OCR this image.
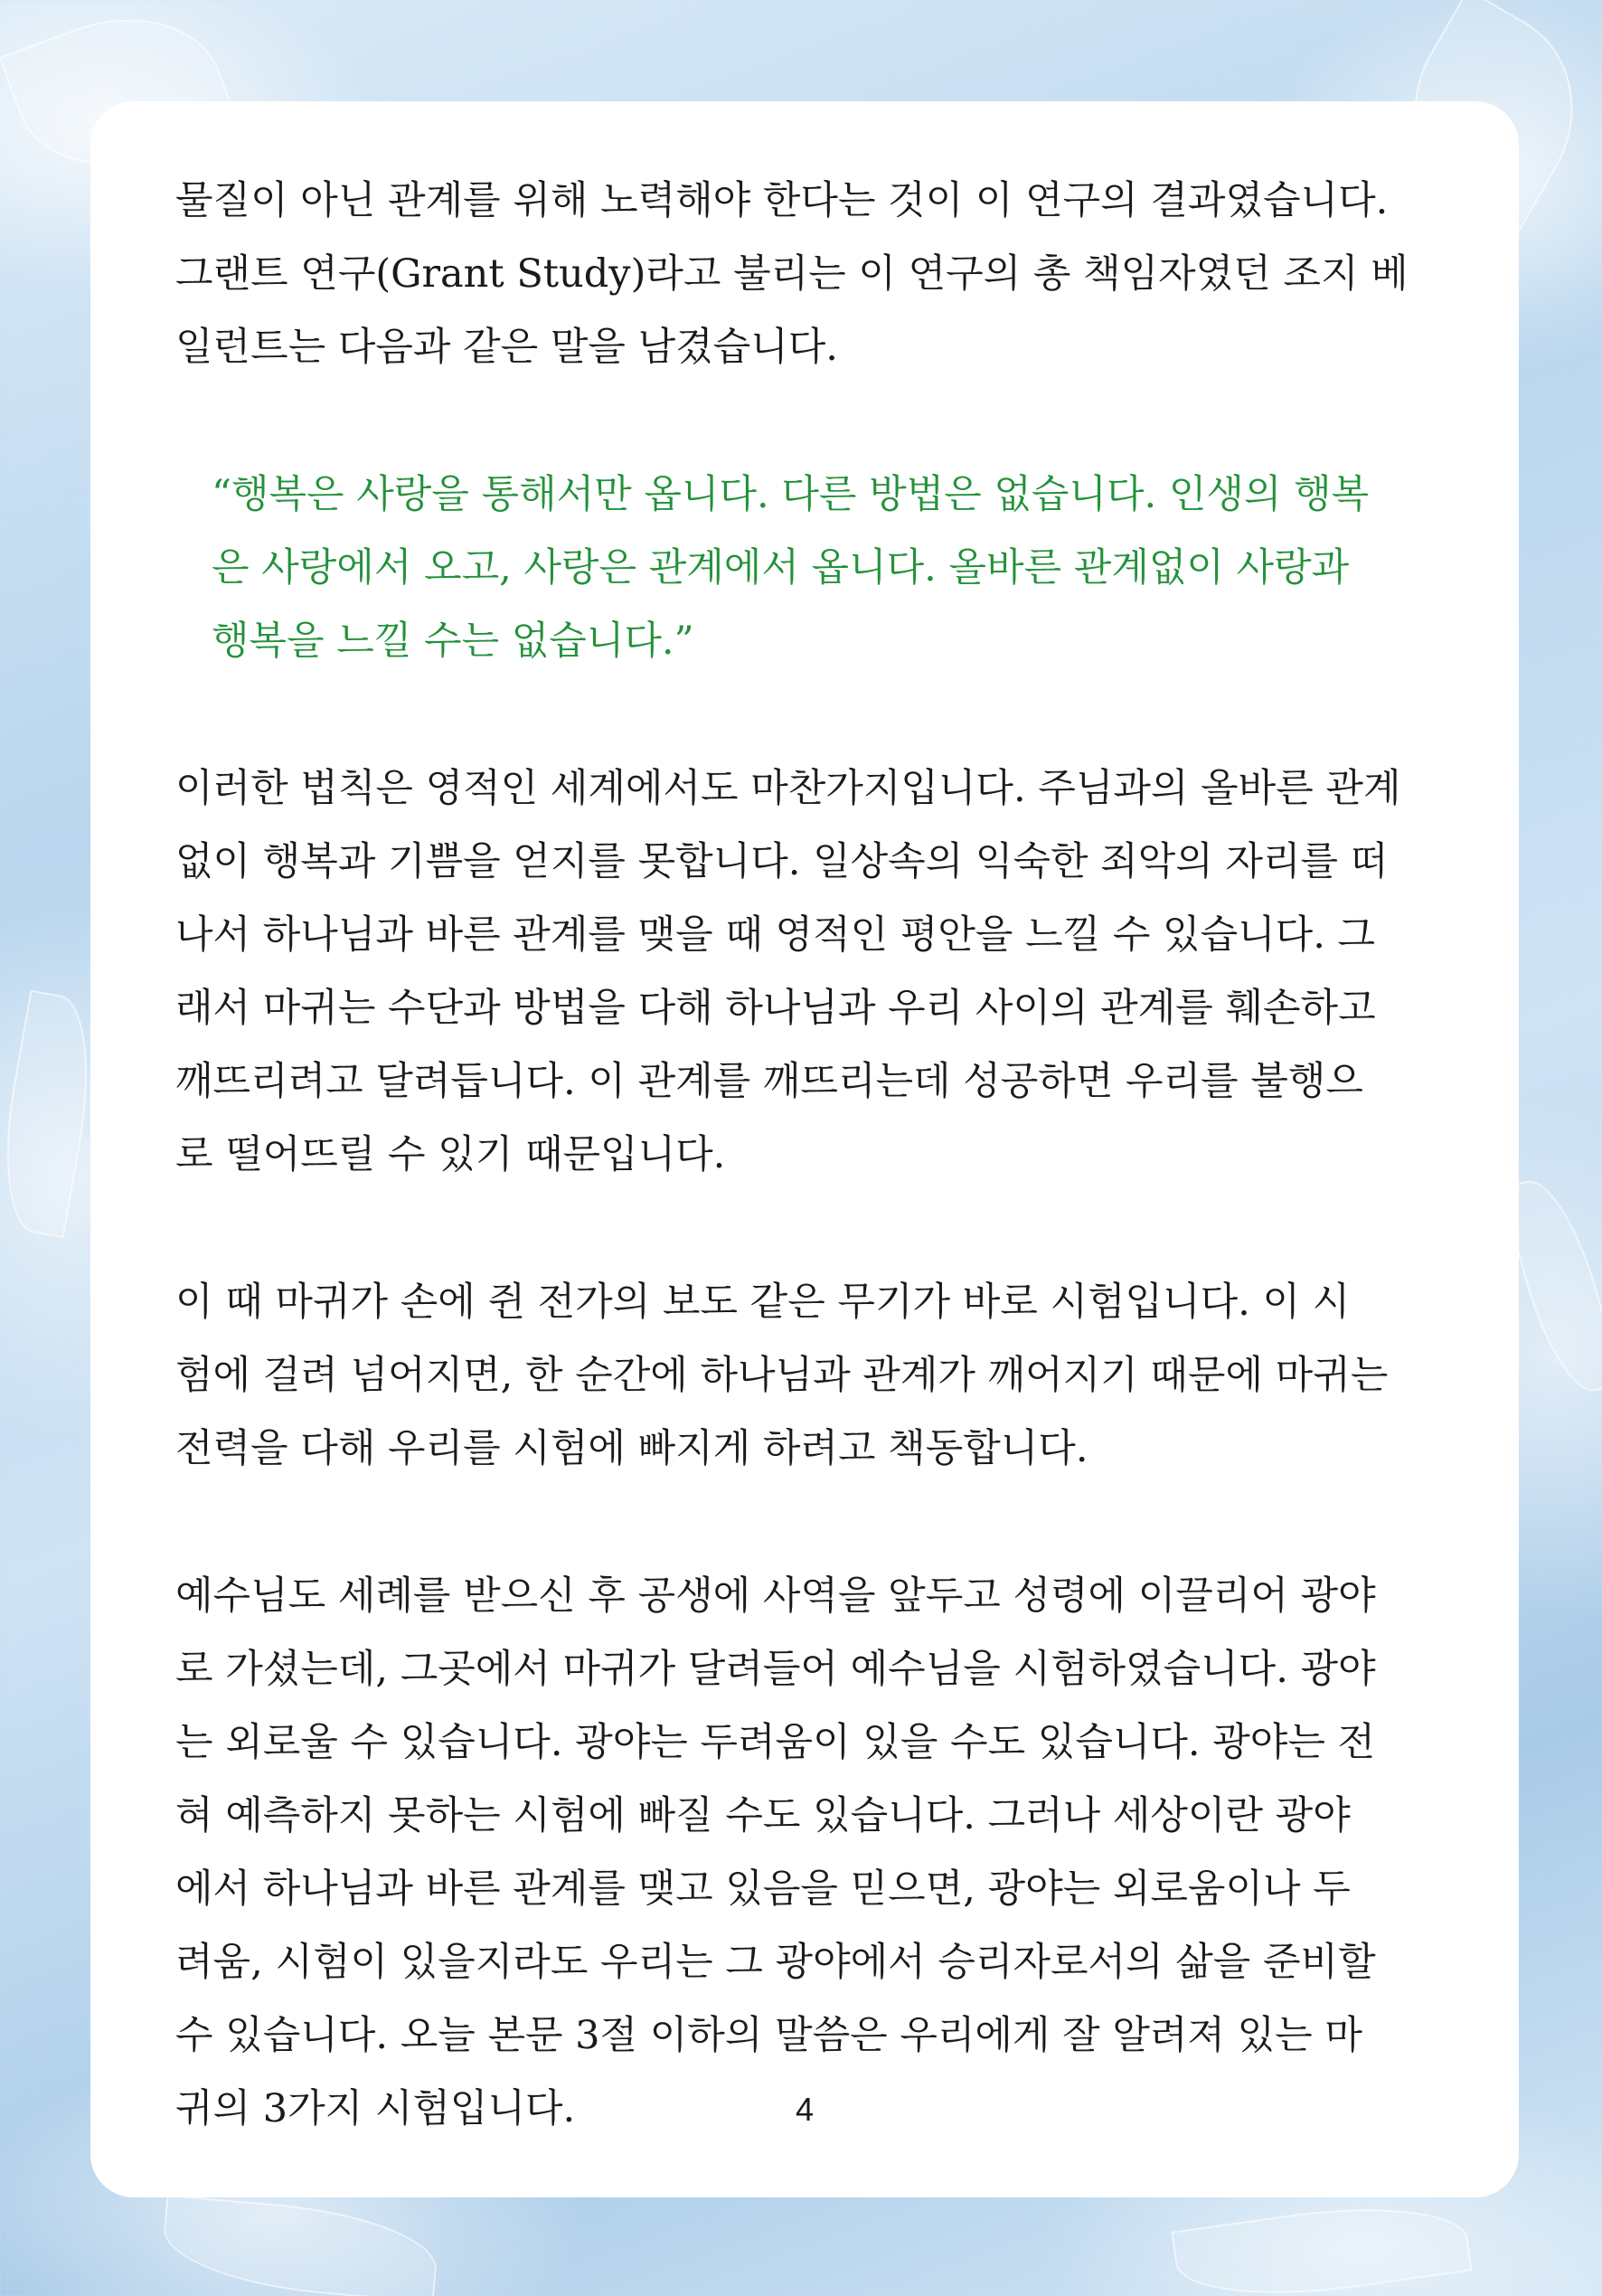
물질이 아닌 관계를 위해 노력해야 한다는 것이 이 연구의 결과였습니다.
그랜트 연구(Grant Study)라고 불리는 이 연구의 총 책임자였던 조지 베
일런트는 다음과 같은 말을 남겼습니다.

“행복은 사랑을 통해서만 옵니다. 다른 방법은 없습니다. 인생의 행복
은 사랑에서 오고, 사랑은 관계에서 옵니다. 올바른 관계없이 사랑과
행복을 느낄 수는 없습니다.”

이러한 법칙은 영적인 세계에서도 마찬가지입니다. 주님과의 올바른 관계
없이 행복과 기쁨을 얻지를 못합니다. 일상속의 익숙한 죄악의 자리를 떠
나서 하나님과 바른 관계를 맺을 때 영적인 평안을 느낄 수 있습니다. 그
래서 마귀는 수단과 방법을 다해 하나님과 우리 사이의 관계를 훼손하고
깨뜨리려고 달려듭니다. 이 관계를 깨뜨리는데 성공하면 우리를 불행으
로 떨어뜨릴 수 있기 때문입니다.

이 때 마귀가 손에 쥔 전가의 보도 같은 무기가 바로 시험입니다. 이 시
험에 걸려 넘어지면, 한 순간에 하나님과 관계가 깨어지기 때문에 마귀는
전력을 다해 우리를 시험에 빠지게 하려고 책동합니다.

예수님도 세례를 받으신 후 공생에 사역을 앞두고 성령에 이끌리어 광야
로 가셨는데, 그곳에서 마귀가 달려들어 예수님을 시험하였습니다. 광야
는 외로울 수 있습니다. 광야는 두려움이 있을 수도 있습니다. 광야는 전
혀 예측하지 못하는 시험에 빠질 수도 있습니다. 그러나 세상이란 광야
에서 하나님과 바른 관계를 맺고 있음을 믿으면, 광야는 외로움이나 두
려움, 시험이 있을지라도 우리는 그 광야에서 승리자로서의 삶을 준비할
수 있습니다. 오늘 본문 3절 이하의 말씀은 우리에게 잘 알려져 있는 마
귀의 3가지 시험입니다.	4
